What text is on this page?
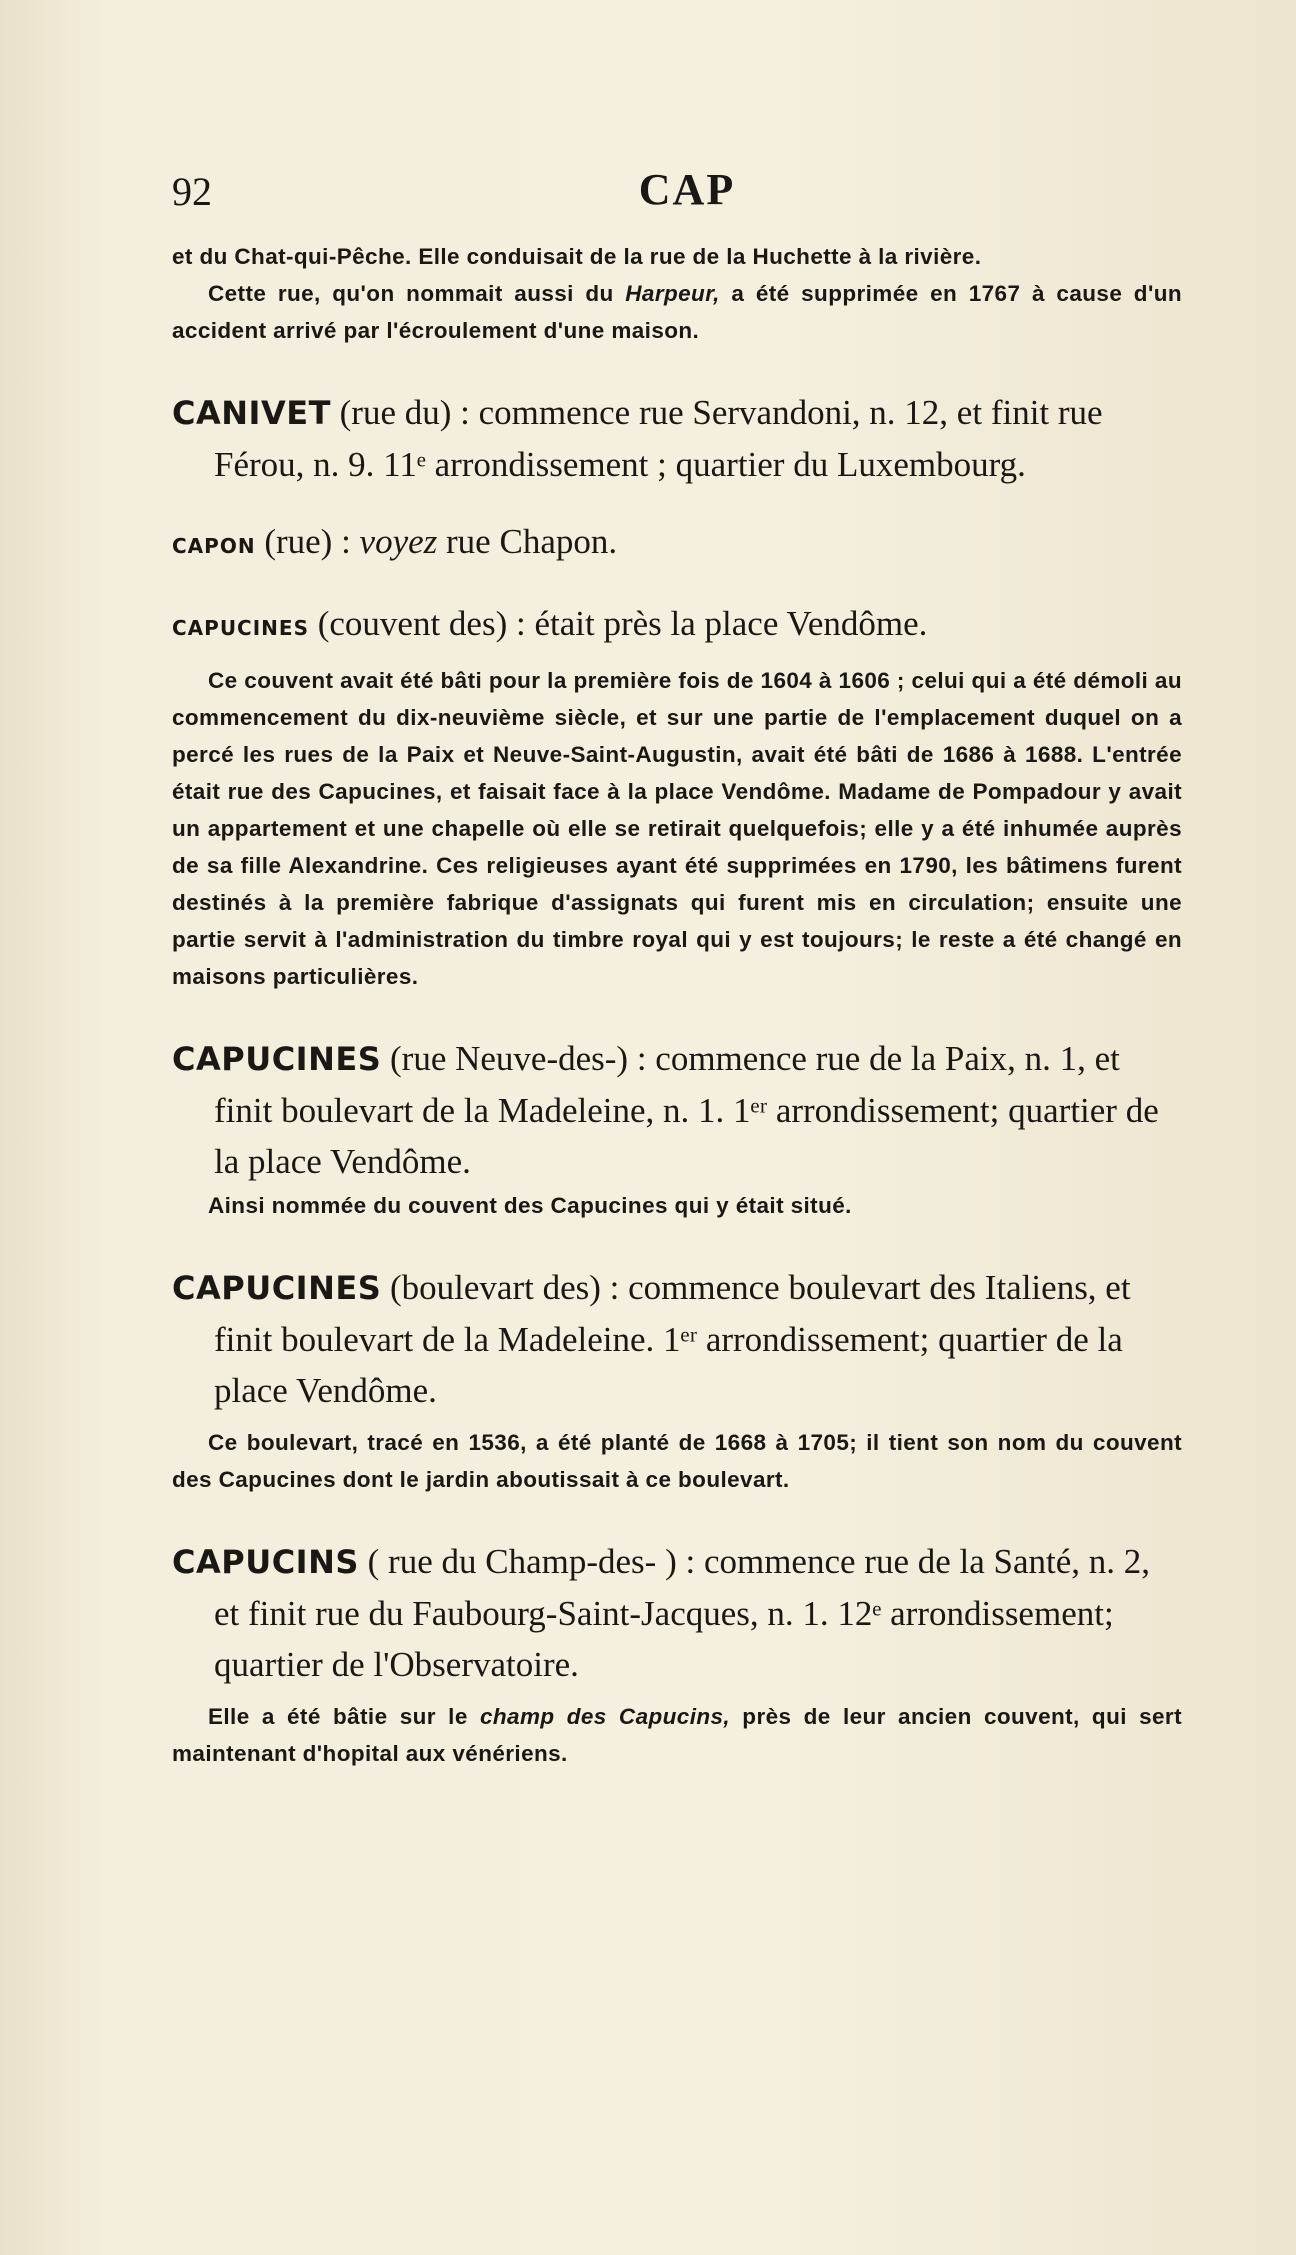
92	CAP

et du Chat-qui-Pêche. Elle conduisait de la rue de la Huchette à la rivière.

Cette rue, qu'on nommait aussi du Harpeur, a été supprimée en 1767 à cause d'un accident arrivé par l'écroulement d'une maison.

CANIVET (rue du) : commence rue Servandoni, n. 12, et finit rue Férou, n. 9. 11ᵉ arrondissement ; quartier du Luxembourg.

CAPON (rue) : voyez rue Chapon.

CAPUCINES (couvent des) : était près la place Vendôme.

Ce couvent avait été bâti pour la première fois de 1604 à 1606 ; celui qui a été démoli au commencement du dix-neuvième siècle, et sur une partie de l'emplacement duquel on a percé les rues de la Paix et Neuve-Saint-Augustin, avait été bâti de 1686 à 1688. L'entrée était rue des Capucines, et faisait face à la place Vendôme. Madame de Pompadour y avait un appartement et une chapelle où elle se retirait quelquefois; elle y a été inhumée auprès de sa fille Alexandrine. Ces religieuses ayant été supprimées en 1790, les bâtimens furent destinés à la première fabrique d'assignats qui furent mis en circulation; ensuite une partie servit à l'administration du timbre royal qui y est toujours; le reste a été changé en maisons particulières.

CAPUCINES (rue Neuve-des-) : commence rue de la Paix, n. 1, et finit boulevart de la Madeleine, n. 1. 1ᵉʳ arrondissement; quartier de la place Vendôme.

Ainsi nommée du couvent des Capucines qui y était situé.

CAPUCINES (boulevart des) : commence boulevart des Italiens, et finit boulevart de la Madeleine. 1ᵉʳ arrondissement; quartier de la place Vendôme.

Ce boulevart, tracé en 1536, a été planté de 1668 à 1705; il tient son nom du couvent des Capucines dont le jardin aboutissait à ce boulevart.

CAPUCINS ( rue du Champ-des- ) : commence rue de la Santé, n. 2, et finit rue du Faubourg-Saint-Jacques, n. 1. 12ᵉ arrondissement; quartier de l'Observatoire.

Elle a été bâtie sur le champ des Capucins, près de leur ancien couvent, qui sert maintenant d'hopital aux vénériens.
